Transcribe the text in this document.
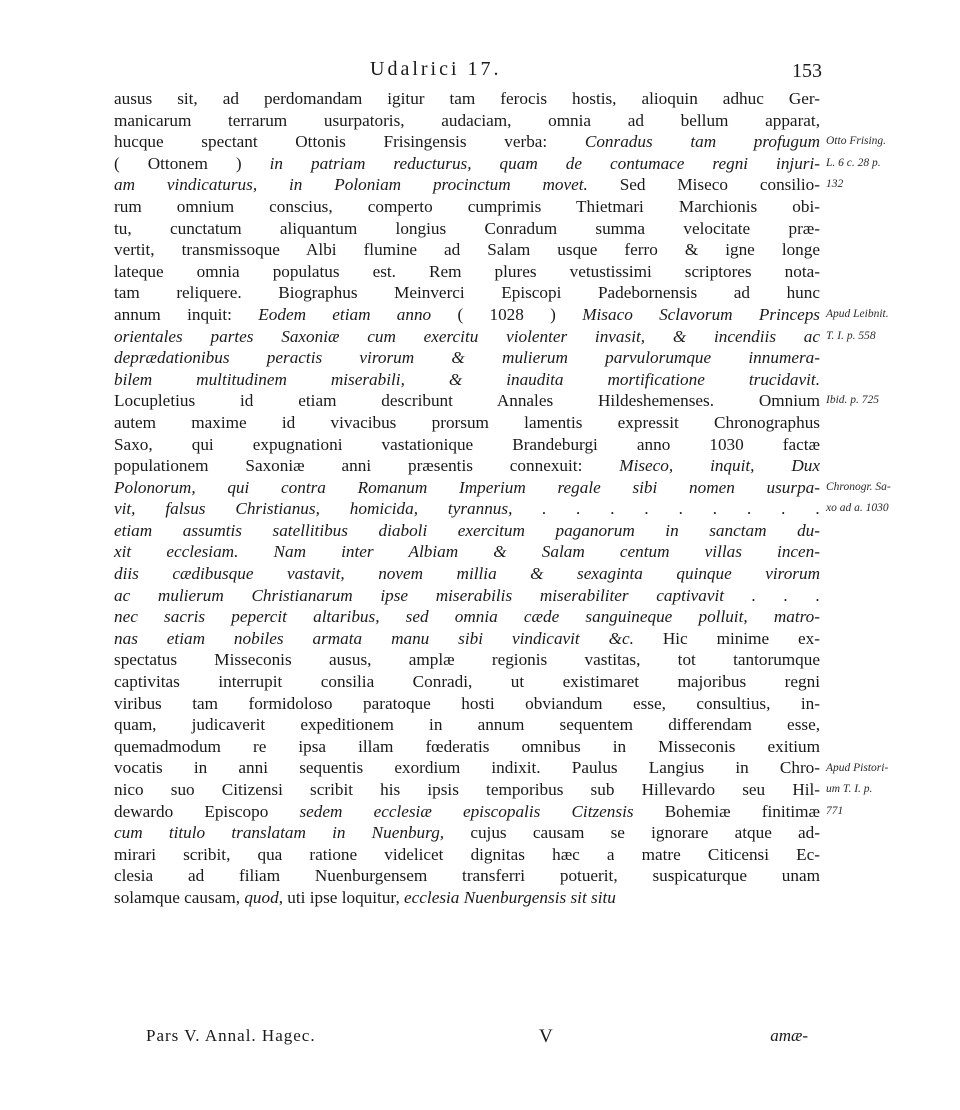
Udalrici 17.	153
ausus sit, ad perdomandam igitur tam ferocis hostis, alioquin adhuc Ger-
manicarum terrarum usurpatoris, audaciam, omnia ad bellum apparat,
hucque spectant Ottonis Frisingensis verba: Conradus tam profugum
( Ottonem ) in patriam reducturus, quam de contumace regni injuri-
am vindicaturus, in Poloniam procinctum movet. Sed Miseco consilio-
rum omnium conscius, comperto cumprimis Thietmari Marchionis obi-
tu, cunctatum aliquantum longius Conradum summa velocitate præ-
vertit, transmissoque Albi flumine ad Salam usque ferro & igne longe
lateque omnia populatus est. Rem plures vetustissimi scriptores nota-
tam reliquere. Biographus Meinverci Episcopi Padebornensis ad hunc
annum inquit: Eodem etiam anno ( 1028 ) Misaco Sclavorum Princeps
orientales partes Saxoniæ cum exercitu violenter invasit, & incendiis ac
deprædationibus peractis virorum & mulierum parvulorumque innumera-
bilem multitudinem miserabili, & inaudita mortificatione trucidavit.
Locupletius id etiam describunt Annales Hildeshemenses. Omnium
autem maxime id vivacibus prorsum lamentis expressit Chronographus
Saxo, qui expugnationi vastationique Brandeburgi anno 1030 factæ
populationem Saxoniæ anni præsentis connexuit: Miseco, inquit, Dux
Polonorum, qui contra Romanum Imperium regale sibi nomen usurpa-
vit, falsus Christianus, homicida, tyrannus, . . . . . . . . .
etiam assumtis satellitibus diaboli exercitum paganorum in sanctam du-
xit ecclesiam. Nam inter Albiam & Salam centum villas incen-
diis cædibusque vastavit, novem millia & sexaginta quinque virorum
ac mulierum Christianarum ipse miserabilis miserabiliter captivavit . . .
nec sacris pepercit altaribus, sed omnia cæde sanguineque polluit, matro-
nas etiam nobiles armata manu sibi vindicavit &c. Hic minime ex-
spectatus Misseconis ausus, amplæ regionis vastitas, tot tantorumque
captivitas interrupit consilia Conradi, ut existimaret majoribus regni
viribus tam formidoloso paratoque hosti obviandum esse, consultius, in-
quam, judicaverit expeditionem in annum sequentem differendam esse,
quemadmodum re ipsa illam fœderatis omnibus in Misseconis exitium
vocatis in anni sequentis exordium indixit. Paulus Langius in Chro-
nico suo Citizensi scribit his ipsis temporibus sub Hillevardo seu Hil-
dewardo Episcopo sedem ecclesiæ episcopalis Citzensis Bohemiæ finitimæ
cum titulo translatam in Nuenburg, cujus causam se ignorare atque ad-
mirari scribit, qua ratione videlicet dignitas hæc a matre Citicensi Ec-
clesia ad filiam Nuenburgensem transferri potuerit, suspicaturque unam
solamque causam, quod, uti ipse loquitur, ecclesia Nuenburgensis sit situ
Otto Frising.
L. 6 c. 28 p.
132
Apud Leibnit.
T. I. p. 558
Ibid. p. 725
Chronogr. Sa-
xo ad a. 1030
Apud Pistori-
um T. I. p.
771
Pars V. Annal. Hagec.	V	amæ-
